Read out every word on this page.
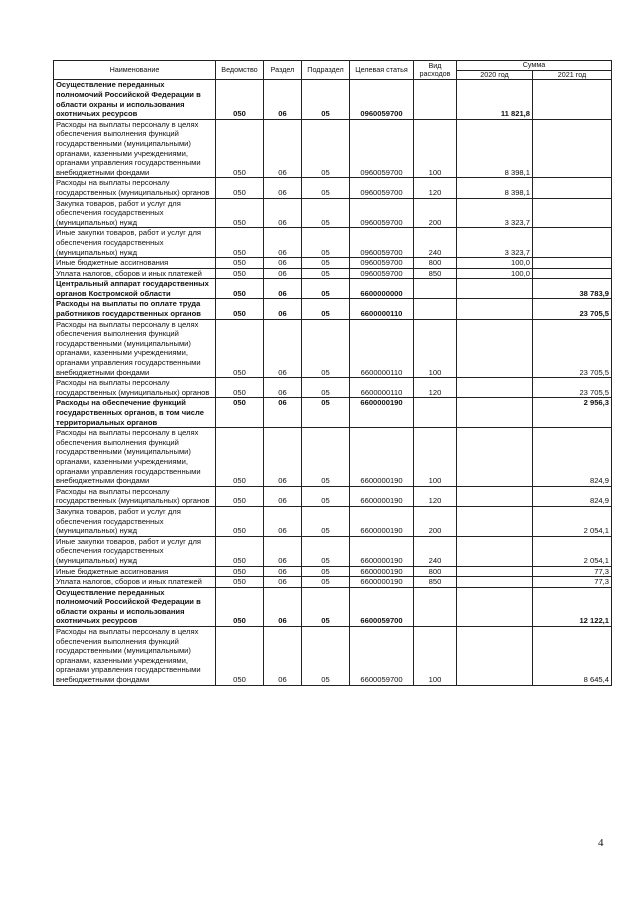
Наименование	Ведомство	Раздел	Подраздел	Целевая статья	Вид расходов	Сумма	
						2020 год	2021 год
Осуществление переданных полномочий Российской Федерации в области охраны и использования охотничьих ресурсов	050	06	05	0960059700		11 821,8	
Расходы на выплаты персоналу в целях обеспечения выполнения функций государственными (муниципальными) органами, казенными учреждениями, органами управления государственными внебюджетными фондами	050	06	05	0960059700	100	8 398,1	
Расходы на выплаты персоналу государственных (муниципальных) органов	050	06	05	0960059700	120	8 398,1	
Закупка товаров, работ и услуг для обеспечения государственных (муниципальных) нужд	050	06	05	0960059700	200	3 323,7	
Иные закупки товаров, работ и услуг для обеспечения государственных (муниципальных) нужд	050	06	05	0960059700	240	3 323,7	
Иные бюджетные ассигнования	050	06	05	0960059700	800	100,0	
Уплата налогов, сборов и иных платежей	050	06	05	0960059700	850	100,0	
Центральный аппарат государственных органов Костромской области	050	06	05	6600000000			38 783,9
Расходы на выплаты по оплате труда работников государственных органов	050	06	05	6600000110			23 705,5
Расходы на выплаты персоналу в целях обеспечения выполнения функций государственными (муниципальными) органами, казенными учреждениями, органами управления государственными внебюджетными фондами	050	06	05	6600000110	100		23 705,5
Расходы на выплаты персоналу государственных (муниципальных) органов	050	06	05	6600000110	120		23 705,5
Расходы на обеспечение функций государственных органов, в том числе территориальных органов	050	06	05	6600000190			2 956,3
Расходы на выплаты персоналу в целях обеспечения выполнения функций государственными (муниципальными) органами, казенными учреждениями, органами управления государственными внебюджетными фондами	050	06	05	6600000190	100		824,9
Расходы на выплаты персоналу государственных (муниципальных) органов	050	06	05	6600000190	120		824,9
Закупка товаров, работ и услуг для обеспечения государственных (муниципальных) нужд	050	06	05	6600000190	200		2 054,1
Иные закупки товаров, работ и услуг для обеспечения государственных (муниципальных) нужд	050	06	05	6600000190	240		2 054,1
Иные бюджетные ассигнования	050	06	05	6600000190	800		77,3
Уплата налогов, сборов и иных платежей	050	06	05	6600000190	850		77,3
Осуществление переданных полномочий Российской Федерации в области охраны и использования охотничьих ресурсов	050	06	05	6600059700			12 122,1
Расходы на выплаты персоналу в целях обеспечения выполнения функций государственными (муниципальными) органами, казенными учреждениями, органами управления государственными внебюджетными фондами	050	06	05	6600059700	100		8 645,4
4
